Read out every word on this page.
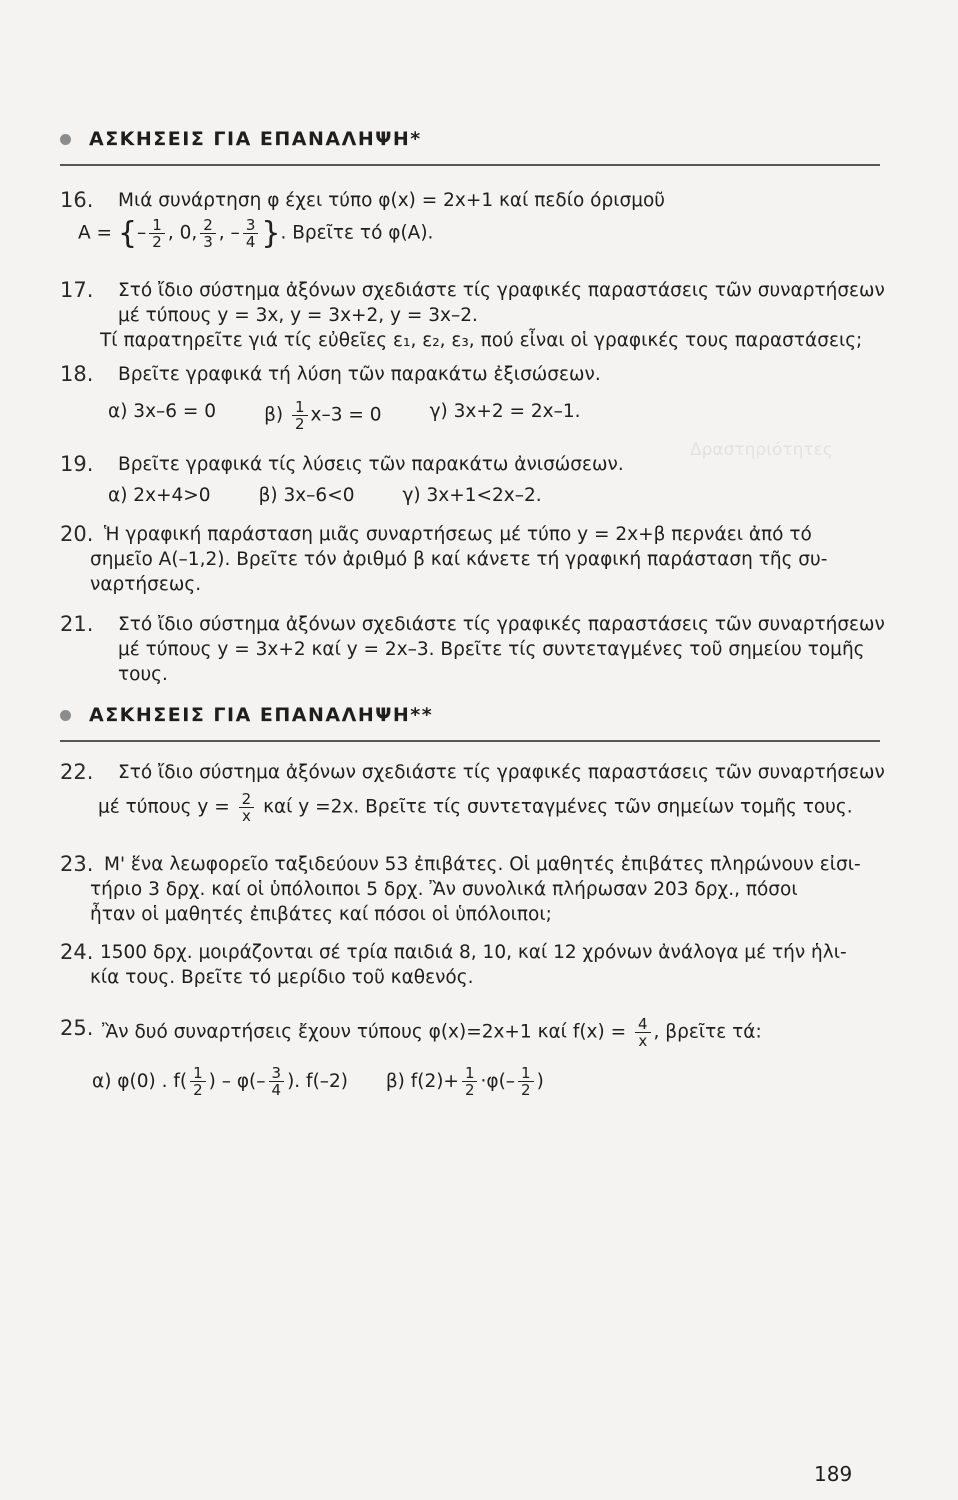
Δραστηριότητες
ΑΣΚΗΣΕΙΣ ΓΙΑ ΕΠΑΝΑΛΗΨΗ*
16. Μιά συνάρτηση φ έχει τύπο φ(x) = 2x+1 καί πεδίο όρισμοῦ
A = {– $\frac{1}{2}$ , 0, $\frac{2}{3}$ , – $\frac{3}{4}$ }. Βρεῖτε τό φ(A).
17. Στό ἴδιο σύστημα ἀξόνων σχεδιάστε τίς γραφικές παραστάσεις τῶν συναρτήσεων
μέ τύπους y = 3x, y = 3x+2, y = 3x–2.
Τί παρατηρεῖτε γιά τίς εὐθεῖες ε₁, ε₂, ε₃, πού εἶναι οἱ γραφικές τους παραστάσεις;
18. Βρεῖτε γραφικά τή λύση τῶν παρακάτω ἐξισώσεων.
α) 3x–6 = 0	$\beta) \frac{1}{2} x-3 = 0$	γ) 3x+2 = 2x–1.
19. Βρεῖτε γραφικά τίς λύσεις τῶν παρακάτω ἀνισώσεων.
α) 2x+4>0	β) 3x–6<0	γ) 3x+1<2x–2.
20. Ἡ γραφική παράσταση μιᾶς συναρτήσεως μέ τύπο y = 2x+β περνάει ἀπό τό
σημεῖο A(–1,2). Βρεῖτε τόν ἀριθμό β καί κάνετε τή γραφική παράσταση τῆς συ-
ναρτήσεως.
21. Στό ἴδιο σύστημα ἀξόνων σχεδιάστε τίς γραφικές παραστάσεις τῶν συναρτήσεων
μέ τύπους y = 3x+2 καί y = 2x–3. Βρεῖτε τίς συντεταγμένες τοῦ σημείου τομῆς
τους.
ΑΣΚΗΣΕΙΣ ΓΙΑ ΕΠΑΝΑΛΗΨΗ**
22. Στό ἴδιο σύστημα ἀξόνων σχεδιάστε τίς γραφικές παραστάσεις τῶν συναρτήσεων
μέ τύπους $y = \frac{2}{x}$ καί y =2x. Βρεῖτε τίς συντεταγμένες τῶν σημείων τομῆς τους.
23. Μ' ἕνα λεωφορεῖο ταξιδεύουν 53 ἐπιβάτες. Οἱ μαθητές ἐπιβάτες πληρώνουν εἰσι-
τήριο 3 δρχ. καί οἱ ὑπόλοιποι 5 δρχ. Ἂν συνολικά πλήρωσαν 203 δρχ., πόσοι
ἦταν οἱ μαθητές ἐπιβάτες καί πόσοι οἱ ὑπόλοιποι;
24. 1500 δρχ. μοιράζονται σέ τρία παιδιά 8, 10, καί 12 χρόνων ἀνάλογα μέ τήν ἡλι-
κία τους. Βρεῖτε τό μερίδιο τοῦ καθενός.
25. Ἂν δυό συναρτήσεις ἔχουν τύπους φ(x)=2x+1 καί $f(x) = \frac{4}{x}$ , βρεῖτε τά:
α) φ(0) . $f( \frac{1}{2}$ ) – $\varphi(- \frac{3}{4}$ ). f(–2) β) $f(2)+ \frac{1}{2} \cdot\varphi(- \frac{1}{2}$ )
189
